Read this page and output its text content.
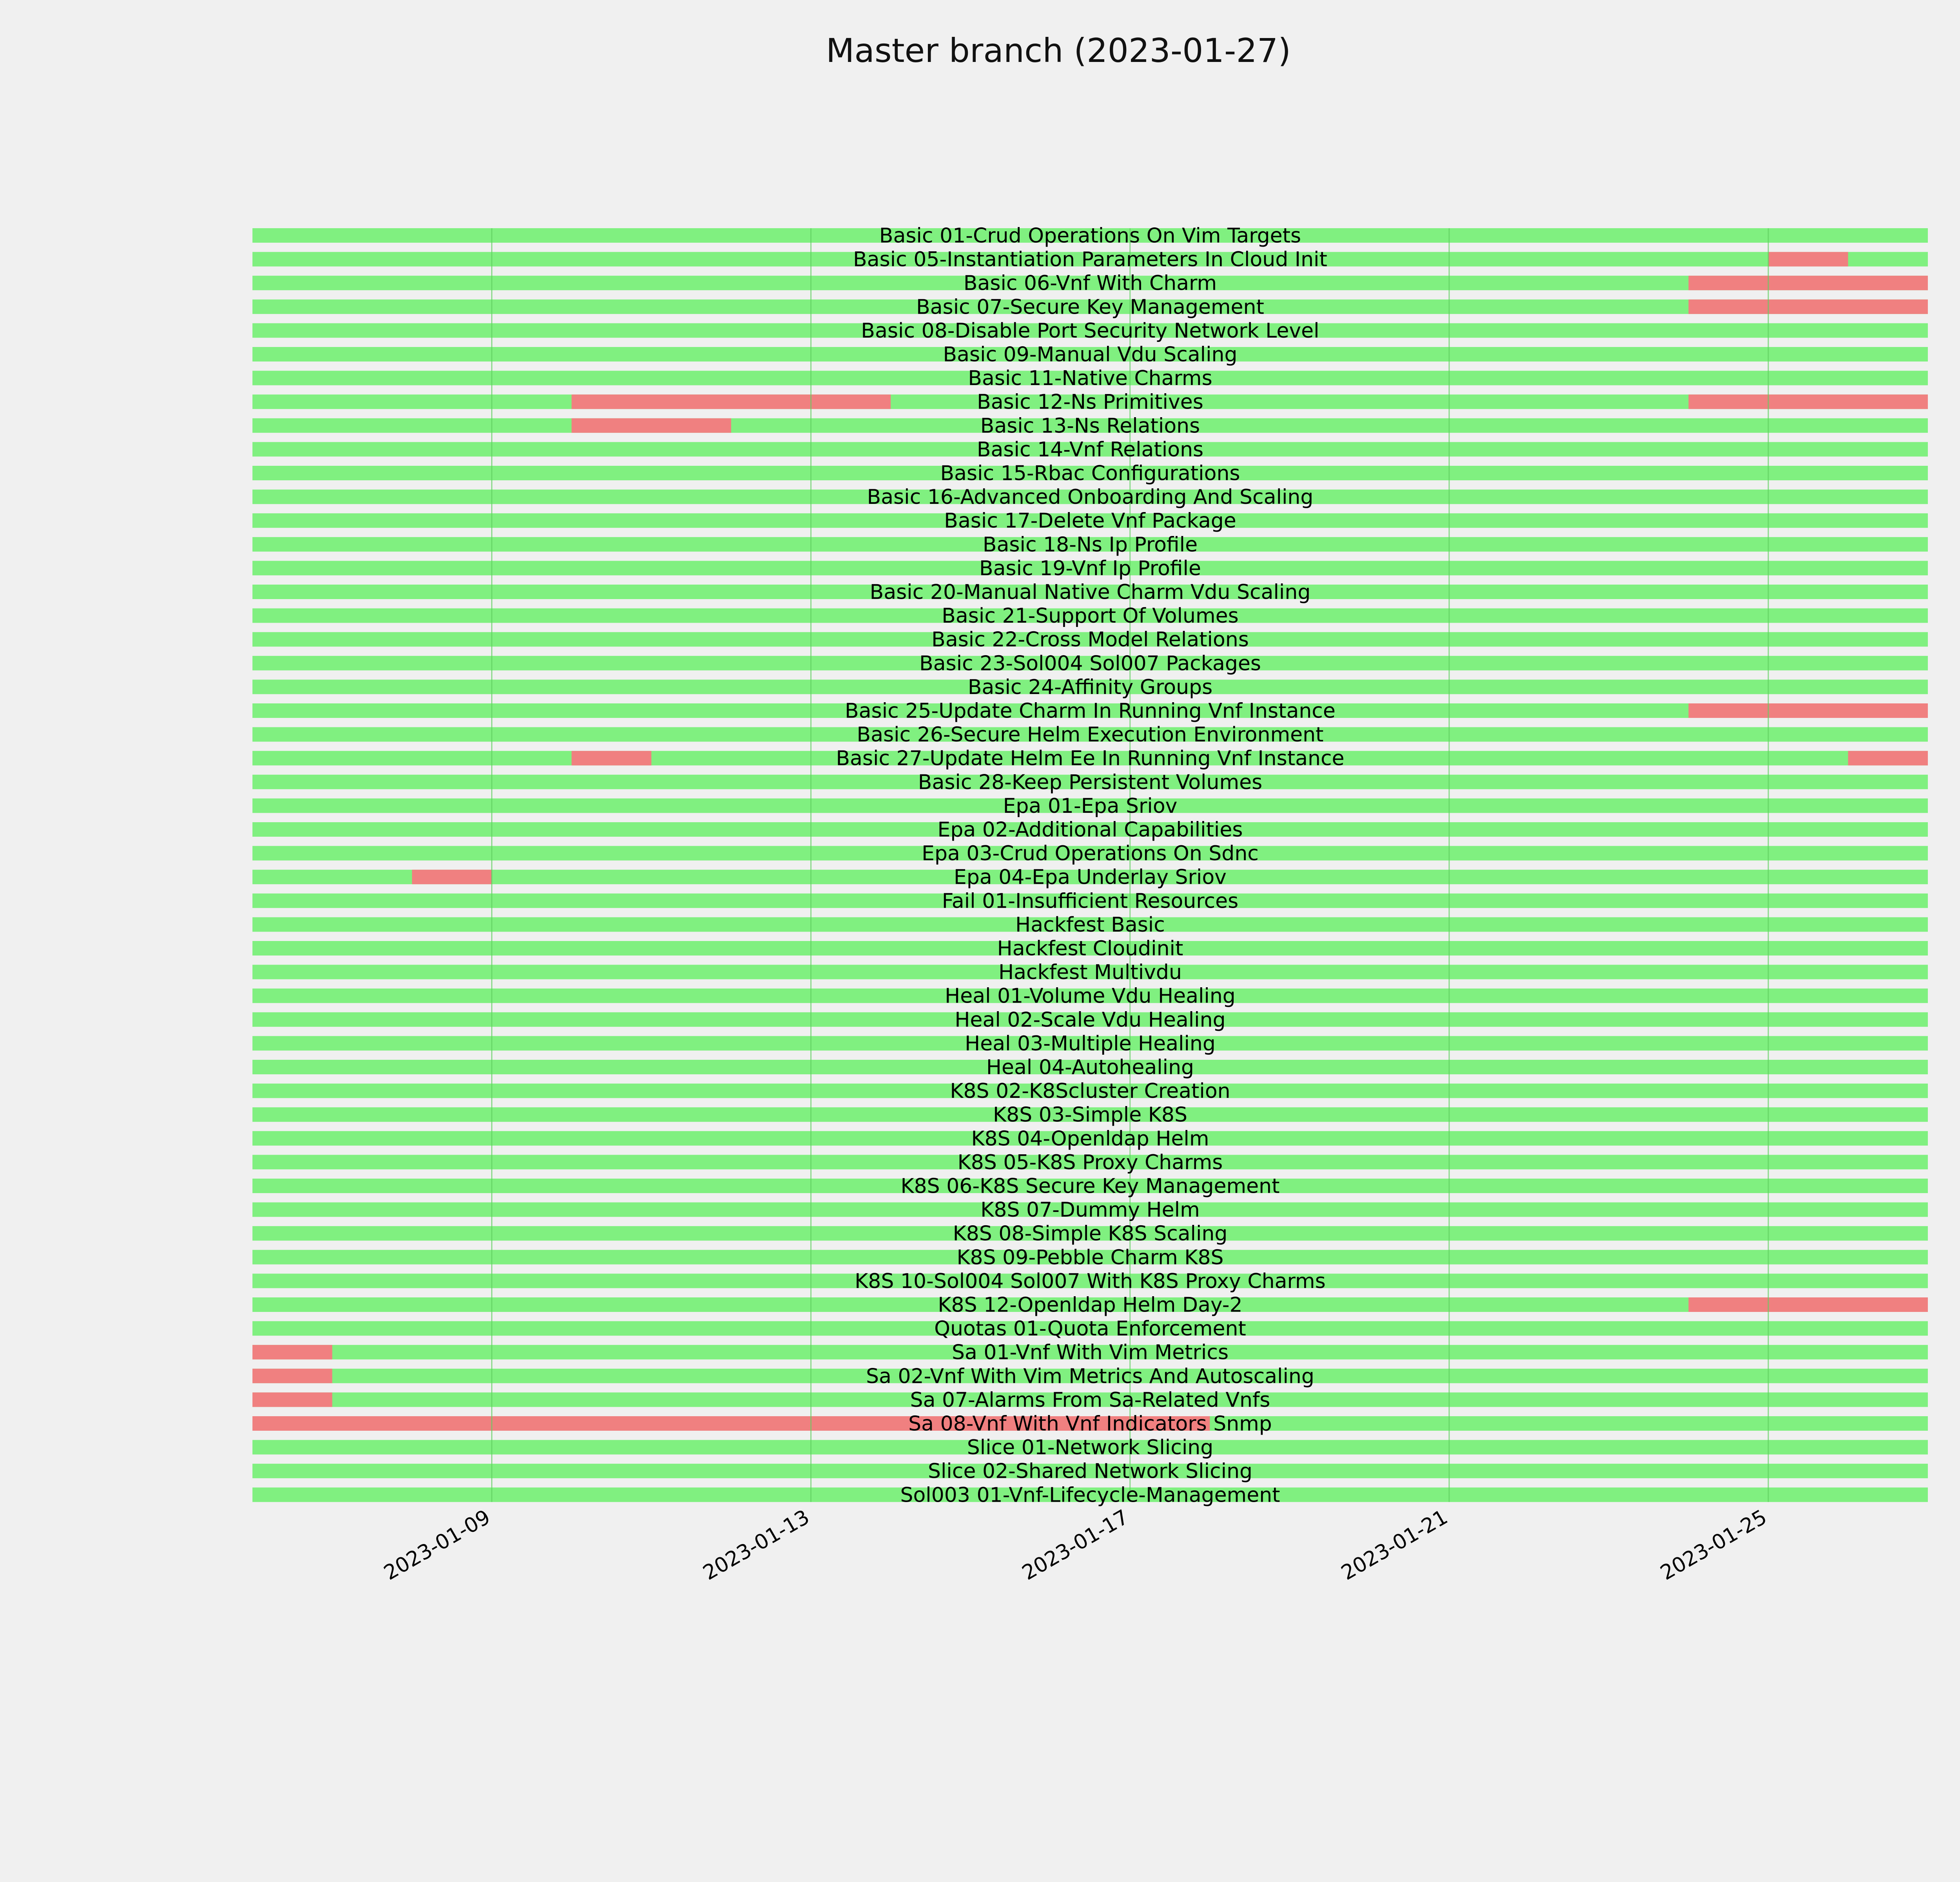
Master branch (2023-01-27)
Basic 01-Crud Operations On Vim Targets
Basic 05-Instantiation Parameters In Cloud Init
Basic 06-Vnf With Charm
Basic 07-Secure Key Management
Basic 08-Disable Port Security Network Level
Basic 09-Manual Vdu Scaling
Basic 11-Native Charms
Basic 12-Ns Primitives
Basic 13-Ns Relations
Basic 14-Vnf Relations
Basic 15-Rbac Configurations
Basic 16-Advanced Onboarding And Scaling
Basic 17-Delete Vnf Package
Basic 18-Ns Ip Profile
Basic 19-Vnf Ip Profile
Basic 20-Manual Native Charm Vdu Scaling
Basic 21-Support Of Volumes
Basic 22-Cross Model Relations
Basic 23-Sol004 Sol007 Packages
Basic 24-Affinity Groups
Basic 25-Update Charm In Running Vnf Instance
Basic 26-Secure Helm Execution Environment
Basic 27-Update Helm Ee In Running Vnf Instance
Basic 28-Keep Persistent Volumes
Epa 01-Epa Sriov
Epa 02-Additional Capabilities
Epa 03-Crud Operations On Sdnc
Epa 04-Epa Underlay Sriov
Fail 01-Insufficient Resources
Hackfest Basic
Hackfest Cloudinit
Hackfest Multivdu
Heal 01-Volume Vdu Healing
Heal 02-Scale Vdu Healing
Heal 03-Multiple Healing
Heal 04-Autohealing
K8S 02-K8Scluster Creation
K8S 03-Simple K8S
K8S 04-Openldap Helm
K8S 05-K8S Proxy Charms
K8S 06-K8S Secure Key Management
K8S 07-Dummy Helm
K8S 08-Simple K8S Scaling
K8S 09-Pebble Charm K8S
K8S 10-Sol004 Sol007 With K8S Proxy Charms
K8S 12-Openldap Helm Day-2
Quotas 01-Quota Enforcement
Sa 01-Vnf With Vim Metrics
Sa 02-Vnf With Vim Metrics And Autoscaling
Sa 07-Alarms From Sa-Related Vnfs
Sa 08-Vnf With Vnf Indicators Snmp
Slice 01-Network Slicing
Slice 02-Shared Network Slicing
Sol003 01-Vnf-Lifecycle-Management
2023-01-09	2023-01-13	2023-01-17	2023-01-21	2023-01-25
